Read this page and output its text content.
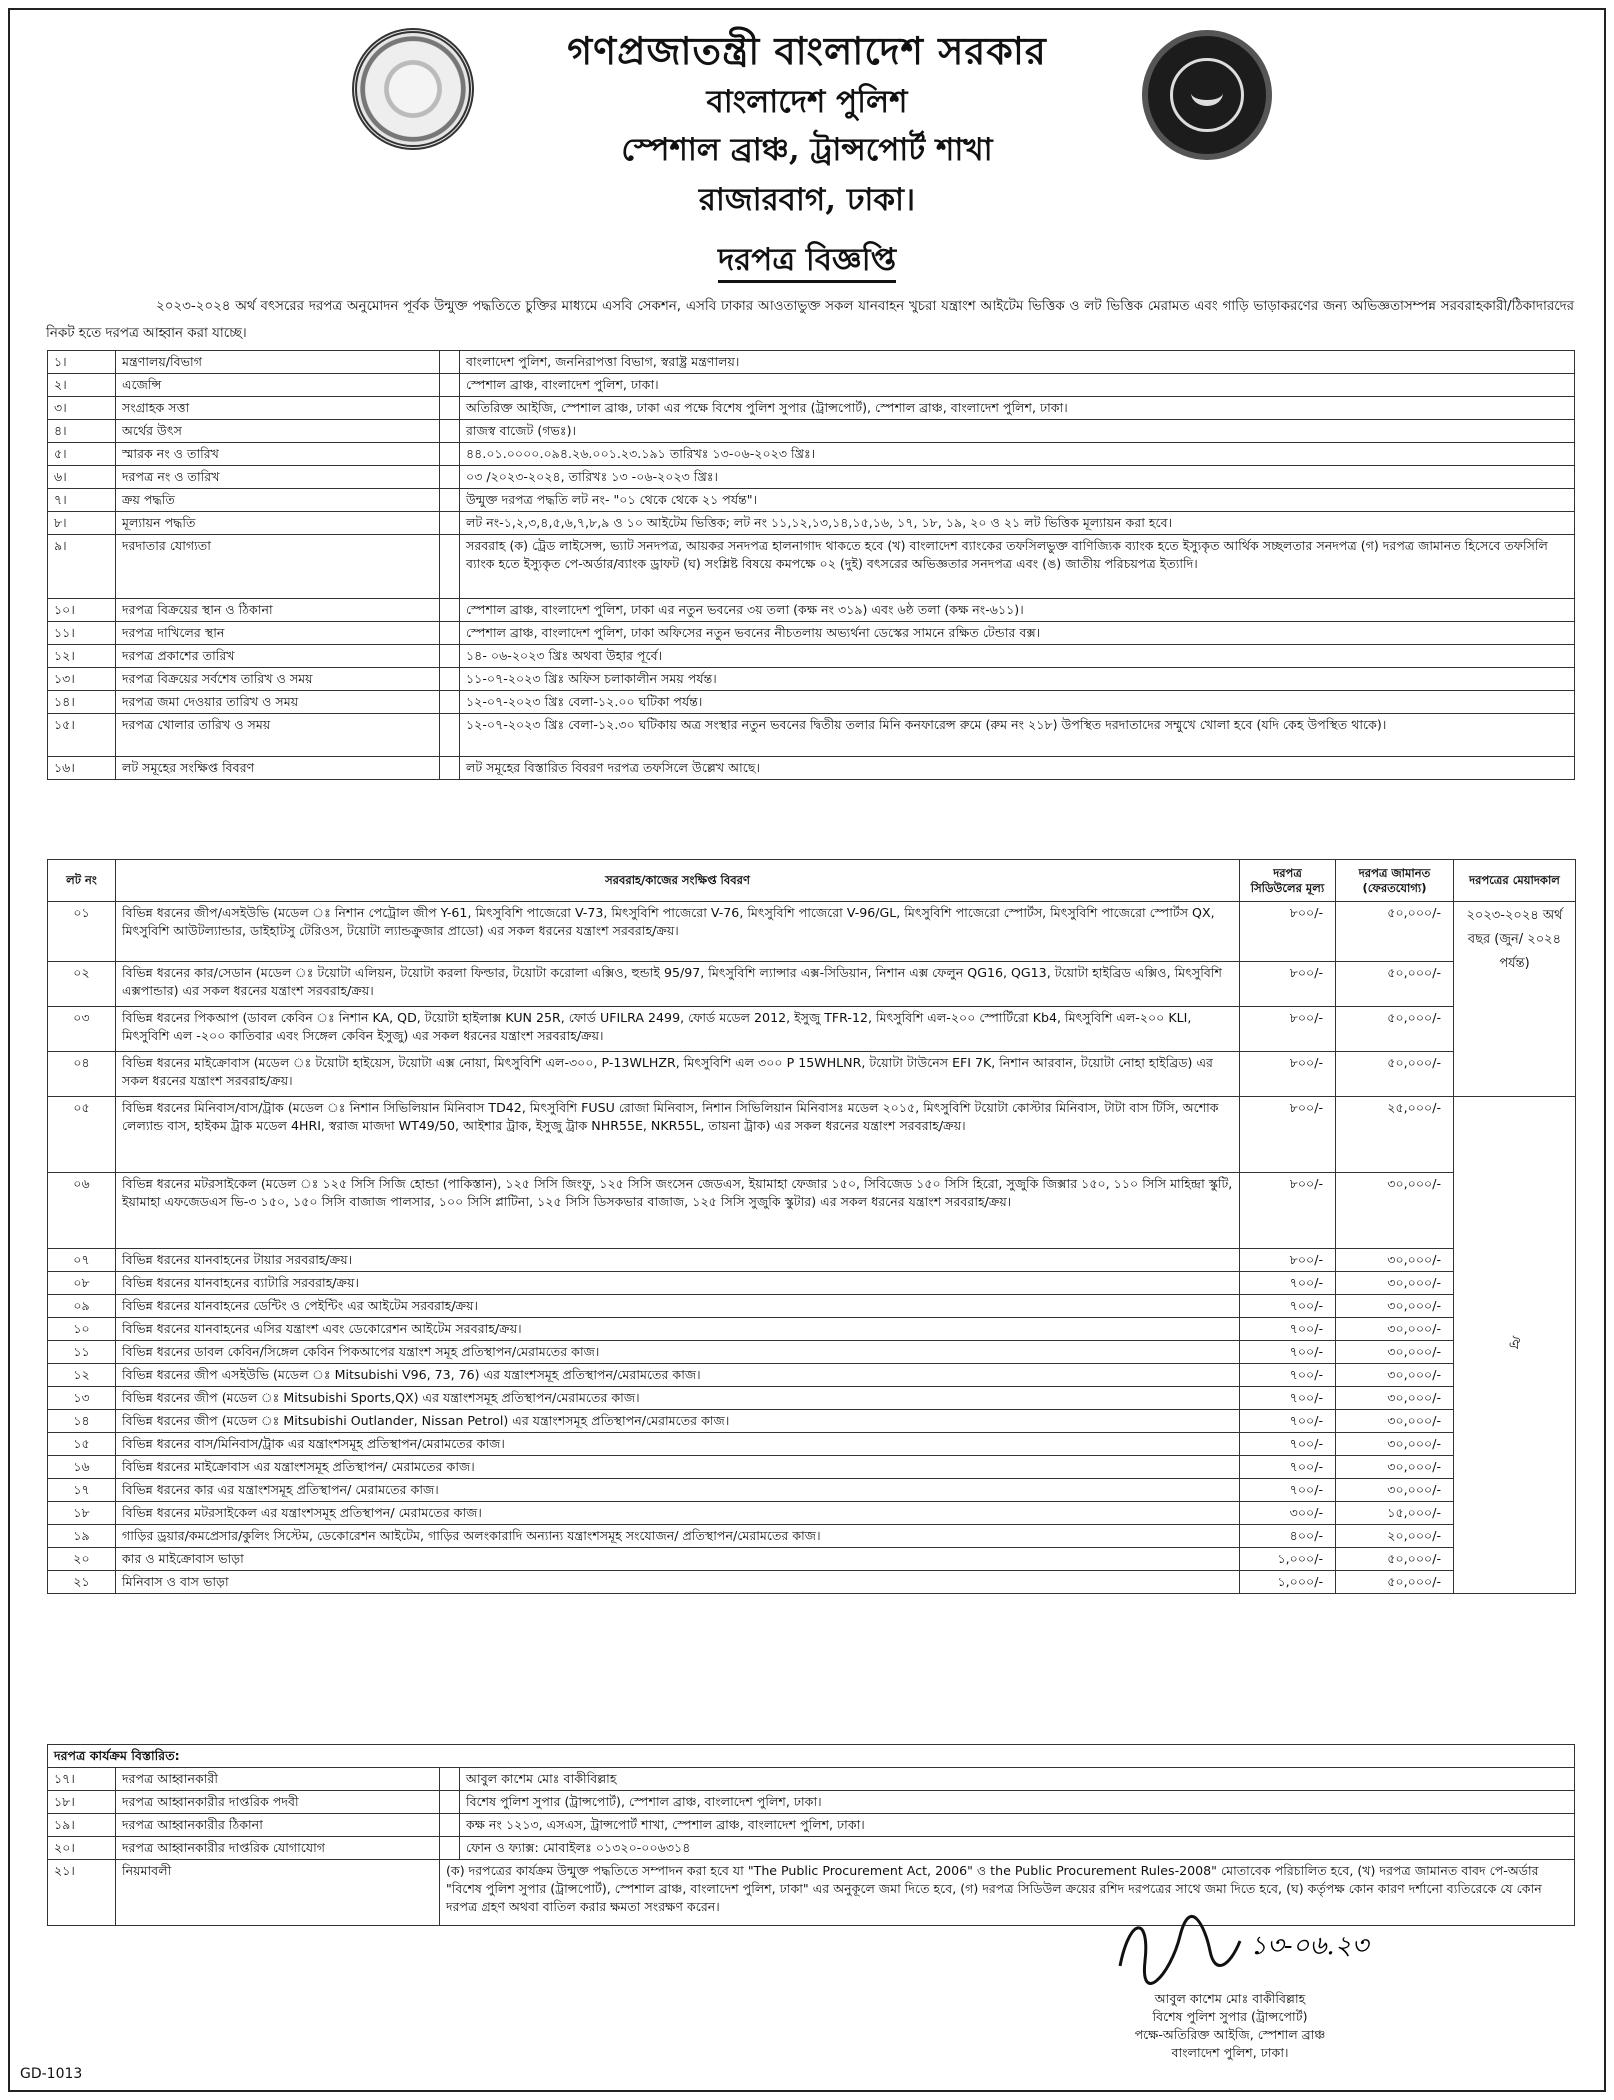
গণপ্রজাতন্ত্রী বাংলাদেশ সরকার
বাংলাদেশ পুলিশ
স্পেশাল ব্রাঞ্চ, ট্রান্সপোর্ট শাখা
রাজারবাগ, ঢাকা।
দরপত্র বিজ্ঞপ্তি
২০২৩-২০২৪ অর্থ বৎসরের দরপত্র অনুমোদন পূর্বক উন্মুক্ত পদ্ধতিতে চুক্তির মাধ্যমে এসবি সেকশন, এসবি ঢাকার আওতাভুক্ত সকল যানবাহন খুচরা যন্ত্রাংশ আইটেম ভিত্তিক ও লট ভিত্তিক মেরামত এবং গাড়ি ভাড়াকরণের জন্য অভিজ্ঞতাসম্পন্ন সরবরাহকারী/ঠিকাদারদের নিকট হতে দরপত্র আহ্বান করা যাচ্ছে।
১।	মন্ত্রণালয়/বিভাগ		বাংলাদেশ পুলিশ, জননিরাপত্তা বিভাগ, স্বরাষ্ট্র মন্ত্রণালয়।
২।	এজেন্সি		স্পেশাল ব্রাঞ্চ, বাংলাদেশ পুলিশ, ঢাকা।
৩।	সংগ্রাহক সত্তা		অতিরিক্ত আইজি, স্পেশাল ব্রাঞ্চ, ঢাকা এর পক্ষে বিশেষ পুলিশ সুপার (ট্রান্সপোর্ট), স্পেশাল ব্রাঞ্চ, বাংলাদেশ পুলিশ, ঢাকা।
৪।	অর্থের উৎস		রাজস্ব বাজেট (গভঃ)।
৫।	স্মারক নং ও তারিখ		৪৪.০১.০০০০.০৯৪.২৬.০০১.২৩.১৯১ তারিখঃ ১৩-০৬-২০২৩ খ্রিঃ।
৬।	দরপত্র নং ও তারিখ		০৩ /২০২৩-২০২৪, তারিখঃ ১৩ -০৬-২০২৩ খ্রিঃ।
৭।	ক্রয় পদ্ধতি		উন্মুক্ত দরপত্র পদ্ধতি লট নং- "০১ থেকে থেকে ২১ পর্যন্ত"।
৮।	মূল্যায়ন পদ্ধতি		লট নং-১,২,৩,৪,৫,৬,৭,৮,৯ ও ১০ আইটেম ভিত্তিক; লট নং ১১,১২,১৩,১৪,১৫,১৬, ১৭, ১৮, ১৯, ২০ ও ২১ লট ভিত্তিক মূল্যায়ন করা হবে।
৯।	দরদাতার যোগ্যতা		সরবরাহ (ক) ট্রেড লাইসেন্স, ভ্যাট সনদপত্র, আয়কর সনদপত্র হালনাগাদ থাকতে হবে (খ) বাংলাদেশ ব্যাংকের তফসিলভুক্ত বাণিজ্যিক ব্যাংক হতে ইস্যুকৃত আর্থিক সচ্ছলতার সনদপত্র (গ) দরপত্র জামানত হিসেবে তফসিলি ব্যাংক হতে ইস্যুকৃত পে-অর্ডার/ব্যাংক ড্রাফট (ঘ) সংশ্লিষ্ট বিষয়ে কমপক্ষে ০২ (দুই) বৎসরের অভিজ্ঞতার সনদপত্র এবং (ঙ) জাতীয় পরিচয়পত্র ইত্যাদি।
১০।	দরপত্র বিক্রয়ের স্থান ও ঠিকানা		স্পেশাল ব্রাঞ্চ, বাংলাদেশ পুলিশ, ঢাকা এর নতুন ভবনের ৩য় তলা (কক্ষ নং ৩১৯) এবং ৬ষ্ঠ তলা (কক্ষ নং-৬১১)।
১১।	দরপত্র দাখিলের স্থান		স্পেশাল ব্রাঞ্চ, বাংলাদেশ পুলিশ, ঢাকা অফিসের নতুন ভবনের নীচতলায় অভ্যর্থনা ডেস্কের সামনে রক্ষিত টেন্ডার বক্স।
১২।	দরপত্র প্রকাশের তারিখ		১৪- ০৬-২০২৩ খ্রিঃ অথবা উহার পূর্বে।
১৩।	দরপত্র বিক্রয়ের সর্বশেষ তারিখ ও সময়		১১-০৭-২০২৩ খ্রিঃ অফিস চলাকালীন সময় পর্যন্ত।
১৪।	দরপত্র জমা দেওয়ার তারিখ ও সময়		১২-০৭-২০২৩ খ্রিঃ বেলা-১২.০০ ঘটিকা পর্যন্ত।
১৫।	দরপত্র খোলার তারিখ ও সময়		১২-০৭-২০২৩ খ্রিঃ বেলা-১২.৩০ ঘটিকায় অত্র সংস্থার নতুন ভবনের দ্বিতীয় তলার মিনি কনফারেন্স রুমে (রুম নং ২১৮) উপস্থিত দরদাতাদের সম্মুখে খোলা হবে (যদি কেহ উপস্থিত থাকে)।
১৬।	লট সমূহের সংক্ষিপ্ত বিবরণ		লট সমূহের বিস্তারিত বিবরণ দরপত্র তফসিলে উল্লেখ আছে।
লট নং	সরবরাহ/কাজের সংক্ষিপ্ত বিবরণ	দরপত্র সিডিউলের মূল্য	দরপত্র জামানত (ফেরতযোগ্য)	দরপত্রের মেয়াদকাল
০১	বিভিন্ন ধরনের জীপ/এসইউভি (মডেল ঃ নিশান পেট্রোল জীপ Y-61, মিৎসুবিশি পাজেরো V-73, মিৎসুবিশি পাজেরো V-76, মিৎসুবিশি পাজেরো V-96/GL, মিৎসুবিশি পাজেরো স্পোর্টস, মিৎসুবিশি পাজেরো স্পোর্টস QX, মিৎসুবিশি আউটল্যান্ডার, ডাইহাটসু টেরিওস, টয়োটা ল্যান্ডক্রুজার প্রাডো) এর সকল ধরনের যন্ত্রাংশ সরবরাহ/ক্রয়।	৮০০/-	৫০,০০০/-	২০২৩-২০২৪ অর্থ বছর (জুন/ ২০২৪ পর্যন্ত)
০২	বিভিন্ন ধরনের কার/সেডান (মডেল ঃ টয়োটা এলিয়ন, টয়োটা করলা ফিল্ডার, টয়োটা করোলা এক্সিও, হুন্ডাই 95/97, মিৎসুবিশি ল্যান্সার এক্স-সিডিয়ান, নিশান এক্স ফেলুন QG16, QG13, টয়োটা হাইব্রিড এক্সিও, মিৎসুবিশি এক্সপান্ডার) এর সকল ধরনের যন্ত্রাংশ সরবরাহ/ক্রয়।	৮০০/-	৫০,০০০/-	
০৩	বিভিন্ন ধরনের পিকআপ (ডাবল কেবিন ঃ নিশান KA, QD, টয়োটা হাইলাক্স KUN 25R, ফোর্ড UFILRA 2499, ফোর্ড মডেল 2012, ইসুজু TFR-12, মিৎসুবিশি এল-২০০ স্পোর্টিরো Kb4, মিৎসুবিশি এল-২০০ KLI, মিৎসুবিশি এল -২০০ কাতিবার এবং সিঙ্গেল কেবিন ইসুজু) এর সকল ধরনের যন্ত্রাংশ সরবরাহ/ক্রয়।	৮০০/-	৫০,০০০/-	
০৪	বিভিন্ন ধরনের মাইক্রোবাস (মডেল ঃ টয়োটা হাইয়েস, টয়োটা এক্স নোয়া, মিৎসুবিশি এল-৩০০, P-13WLHZR, মিৎসুবিশি এল ৩০০ P 15WHLNR, টয়োটা টাউনেস EFI 7K, নিশান আরবান, টয়োটা নোহা হাইব্রিড) এর সকল ধরনের যন্ত্রাংশ সরবরাহ/ক্রয়।	৮০০/-	৫০,০০০/-	
০৫	বিভিন্ন ধরনের মিনিবাস/বাস/ট্রাক (মডেল ঃ নিশান সিভিলিয়ান মিনিবাস TD42, মিৎসুবিশি FUSU রোজা মিনিবাস, নিশান সিভিলিয়ান মিনিবাসঃ মডেল ২০১৫, মিৎসুবিশি টয়োটা কোস্টার মিনিবাস, টাটা বাস টিসি, অশোক লেল্যান্ড বাস, হাইকম ট্রাক মডেল 4HRI, স্বরাজ মাজদা WT49/50, আইশার ট্রাক, ইসুজু ট্রাক NHR55E, NKR55L, তায়না ট্রাক) এর সকল ধরনের যন্ত্রাংশ সরবরাহ/ক্রয়।	৮০০/-	২৫,০০০/-	ঐ
০৬	বিভিন্ন ধরনের মটরসাইকেল (মডেল ঃ ১২৫ সিসি সিজি হোন্ডা (পাকিস্তান), ১২৫ সিসি জিংফু, ১২৫ সিসি জংসেন জেডএস, ইয়ামাহা ফেজার ১৫০, সিবিজেড ১৫০ সিসি হিরো, সুজুকি জিক্সার ১৫০, ১১০ সিসি মাহিন্দ্রা স্কুটি, ইয়ামাহা এফজেডএস ভি-৩ ১৫০, ১৫০ সিসি বাজাজ পালসার, ১০০ সিসি প্লাটিনা, ১২৫ সিসি ডিসকভার বাজাজ, ১২৫ সিসি সুজুকি স্কুটার) এর সকল ধরনের যন্ত্রাংশ সরবরাহ/ক্রয়।	৮০০/-	৩০,০০০/-	
০৭	বিভিন্ন ধরনের যানবাহনের টায়ার সরবরাহ/ক্রয়।	৮০০/-	৩০,০০০/-	
০৮	বিভিন্ন ধরনের যানবাহনের ব্যাটারি সরবরাহ/ক্রয়।	৭০০/-	৩০,০০০/-	
০৯	বিভিন্ন ধরনের যানবাহনের ডেন্টিং ও পেইন্টিং এর আইটেম সরবরাহ/ক্রয়।	৭০০/-	৩০,০০০/-	
১০	বিভিন্ন ধরনের যানবাহনের এসির যন্ত্রাংশ এবং ডেকোরেশন আইটেম সরবরাহ/ক্রয়।	৭০০/-	৩০,০০০/-	
১১	বিভিন্ন ধরনের ডাবল কেবিন/সিঙ্গেল কেবিন পিকআপের যন্ত্রাংশ সমূহ প্রতিস্থাপন/মেরামতের কাজ।	৭০০/-	৩০,০০০/-	
১২	বিভিন্ন ধরনের জীপ এসইউভি (মডেল ঃ Mitsubishi V96, 73, 76) এর যন্ত্রাংশসমূহ প্রতিস্থাপন/মেরামতের কাজ।	৭০০/-	৩০,০০০/-	
১৩	বিভিন্ন ধরনের জীপ (মডেল ঃ Mitsubishi Sports,QX) এর যন্ত্রাংশসমূহ প্রতিস্থাপন/মেরামতের কাজ।	৭০০/-	৩০,০০০/-	
১৪	বিভিন্ন ধরনের জীপ (মডেল ঃ Mitsubishi Outlander, Nissan Petrol) এর যন্ত্রাংশসমূহ প্রতিস্থাপন/মেরামতের কাজ।	৭০০/-	৩০,০০০/-	
১৫	বিভিন্ন ধরনের বাস/মিনিবাস/ট্রাক এর যন্ত্রাংশসমূহ প্রতিস্থাপন/মেরামতের কাজ।	৭০০/-	৩০,০০০/-	
১৬	বিভিন্ন ধরনের মাইক্রোবাস এর যন্ত্রাংশসমূহ প্রতিস্থাপন/ মেরামতের কাজ।	৭০০/-	৩০,০০০/-	
১৭	বিভিন্ন ধরনের কার এর যন্ত্রাংশসমূহ প্রতিস্থাপন/ মেরামতের কাজ।	৭০০/-	৩০,০০০/-	
১৮	বিভিন্ন ধরনের মটরসাইকেল এর যন্ত্রাংশসমূহ প্রতিস্থাপন/ মেরামতের কাজ।	৩০০/-	১৫,০০০/-	
১৯	গাড়ির ড্রয়ার/কমপ্রেসার/কুলিং সিস্টেম, ডেকোরেশন আইটেম, গাড়ির অলংকারাদি অন্যান্য যন্ত্রাংশসমূহ সংযোজন/ প্রতিস্থাপন/মেরামতের কাজ।	৪০০/-	২০,০০০/-	
২০	কার ও মাইক্রোবাস ভাড়া	১,০০০/-	৫০,০০০/-	
২১	মিনিবাস ও বাস ভাড়া	১,০০০/-	৫০,০০০/-	
দরপত্র কার্যক্রম বিস্তারিত:			
১৭।	দরপত্র আহ্বানকারী		আবুল কাশেম মোঃ বাকীবিল্লাহ
১৮।	দরপত্র আহ্বানকারীর দাপ্তরিক পদবী		বিশেষ পুলিশ সুপার (ট্রান্সপোর্ট), স্পেশাল ব্রাঞ্চ, বাংলাদেশ পুলিশ, ঢাকা।
১৯।	দরপত্র আহ্বানকারীর ঠিকানা		কক্ষ নং ১২১৩, এসএস, ট্রান্সপোর্ট শাখা, স্পেশাল ব্রাঞ্চ, বাংলাদেশ পুলিশ, ঢাকা।
২০।	দরপত্র আহ্বানকারীর দাপ্তরিক যোগাযোগ		ফোন ও ফ্যাক্স: মোবাইলঃ ০১৩২০-০০৬৩১৪
২১।	নিয়মাবলী	(ক) দরপত্রের কার্যক্রম উন্মুক্ত পদ্ধতিতে সম্পাদন করা হবে যা "The Public Procurement Act, 2006" ও the Public Procurement Rules-2008" মোতাবেক পরিচালিত হবে, (খ) দরপত্র জামানত বাবদ পে-অর্ডার "বিশেষ পুলিশ সুপার (ট্রান্সপোর্ট), স্পেশাল ব্রাঞ্চ, বাংলাদেশ পুলিশ, ঢাকা" এর অনুকূলে জমা দিতে হবে, (গ) দরপত্র সিডিউল ক্রয়ের রশিদ দরপত্রের সাথে জমা দিতে হবে, (ঘ) কর্তৃপক্ষ কোন কারণ দর্শানো ব্যতিরেকে যে কোন দরপত্র গ্রহণ অথবা বাতিল করার ক্ষমতা সংরক্ষণ করেন।	
১৩-০৬.২৩
আবুল কাশেম মোঃ বাকীবিল্লাহ
বিশেষ পুলিশ সুপার (ট্রান্সপোর্ট)
পক্ষে-অতিরিক্ত আইজি, স্পেশাল ব্রাঞ্চ
বাংলাদেশ পুলিশ, ঢাকা।
GD-1013
